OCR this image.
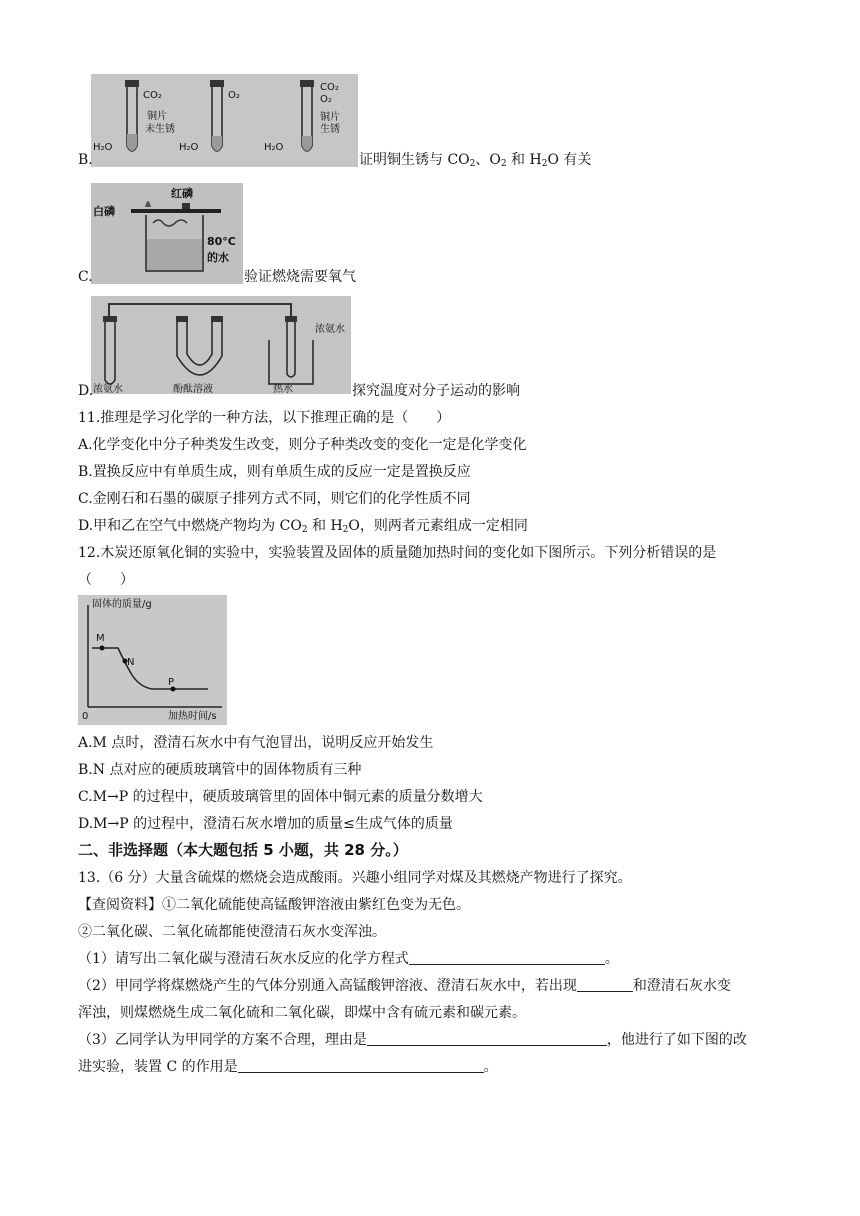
CO₂
铜片
未生锈
H₂O
O₂
H₂O
CO₂
O₂
铜片
生锈
H₂O
B.	证明铜生锈与 $CO_2$、$O_2$ 和 $H_2O$ 有关
红磷
白磷
80°C
的水
C.	验证燃烧需要氧气
浓氨水	酚酞溶液	热水
浓氨水
D.	探究温度对分子运动的影响
11.推理是学习化学的一种方法，以下推理正确的是（　　）
A.化学变化中分子种类发生改变，则分子种类改变的变化一定是化学变化
B.置换反应中有单质生成，则有单质生成的反应一定是置换反应
C.金刚石和石墨的碳原子排列方式不同，则它们的化学性质不同
D.甲和乙在空气中燃烧产物均为 $CO_2$ 和 $H_2O$，则两者元素组成一定相同
12.木炭还原氧化铜的实验中，实验装置及固体的质量随加热时间的变化如下图所示。下列分析错误的是
（　　）
固体的质量/g
加热时间/s
0
M
N
P
A.M 点时，澄清石灰水中有气泡冒出，说明反应开始发生
B.N 点对应的硬质玻璃管中的固体物质有三种
C.M→P 的过程中，硬质玻璃管里的固体中铜元素的质量分数增大
D.M→P 的过程中，澄清石灰水增加的质量≤生成气体的质量
二、非选择题（本大题包括 5 小题，共 28 分。）
13.（6 分）大量含硫煤的燃烧会造成酸雨。兴趣小组同学对煤及其燃烧产物进行了探究。
【查阅资料】①二氧化硫能使高锰酸钾溶液由紫红色变为无色。
②二氧化碳、二氧化硫都能使澄清石灰水变浑浊。
（1）请写出二氧化碳与澄清石灰水反应的化学方程式	。
（2）甲同学将煤燃烧产生的气体分别通入高锰酸钾溶液、澄清石灰水中，若出现	和澄清石灰水变
浑浊，则煤燃烧生成二氧化硫和二氧化碳，即煤中含有硫元素和碳元素。
（3）乙同学认为甲同学的方案不合理，理由是	，他进行了如下图的改
进实验，装置 C 的作用是	。
